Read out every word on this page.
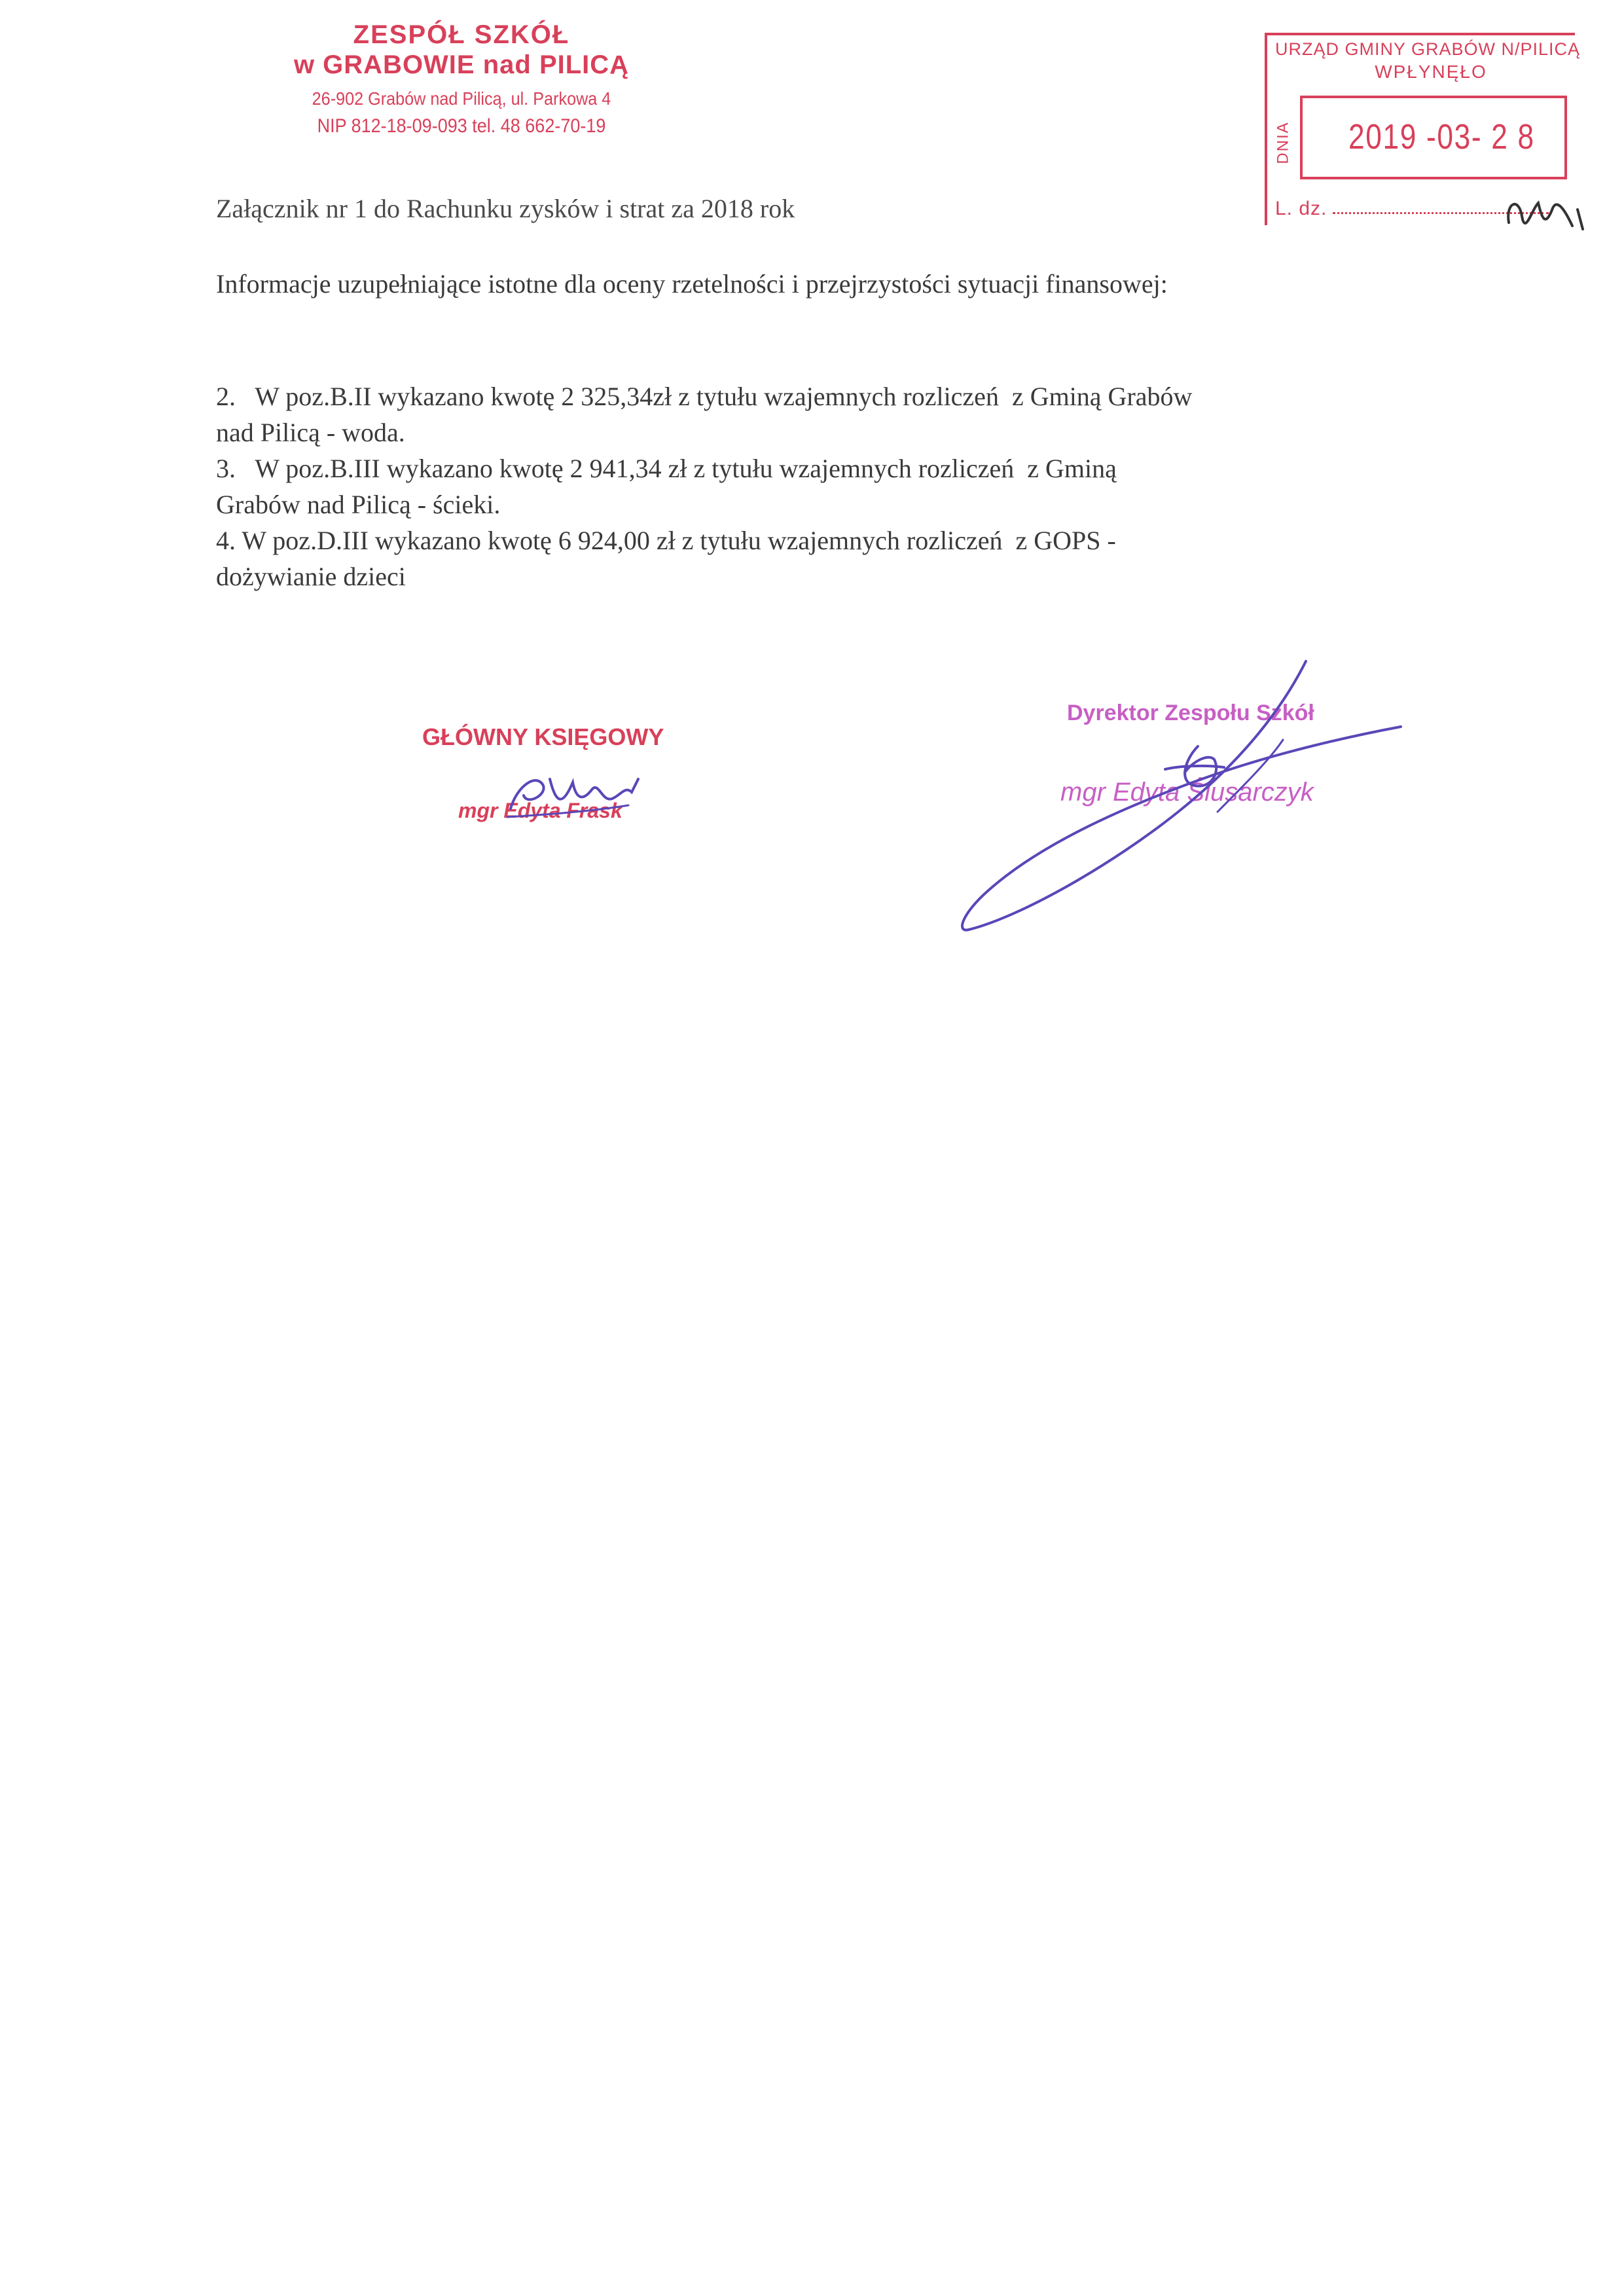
ZESPÓŁ SZKÓŁ
w GRABOWIE nad PILICĄ
26-902 Grabów nad Pilicą, ul. Parkowa 4
NIP 812-18-09-093 tel. 48 662-70-19
URZĄD GMINY GRABÓW N/PILICĄ
WPŁYNĘŁO
DNIA 2019 -03- 2 8
L. dz.
Załącznik nr 1 do Rachunku zysków i strat za 2018 rok
Informacje uzupełniające istotne dla oceny rzetelności i przejrzystości sytuacji finansowej:
2.   W poz.B.II wykazano kwotę 2 325,34zł z tytułu wzajemnych rozliczeń  z Gminą Grabów
nad Pilicą - woda.
3.   W poz.B.III wykazano kwotę 2 941,34 zł z tytułu wzajemnych rozliczeń  z Gminą
Grabów nad Pilicą - ścieki.
4. W poz.D.III wykazano kwotę 6 924,00 zł z tytułu wzajemnych rozliczeń  z GOPS -
dożywianie dzieci
GŁÓWNY KSIĘGOWY
mgr Edyta Frask
Dyrektor Zespołu Szkół
mgr Edyta Ślusarczyk
